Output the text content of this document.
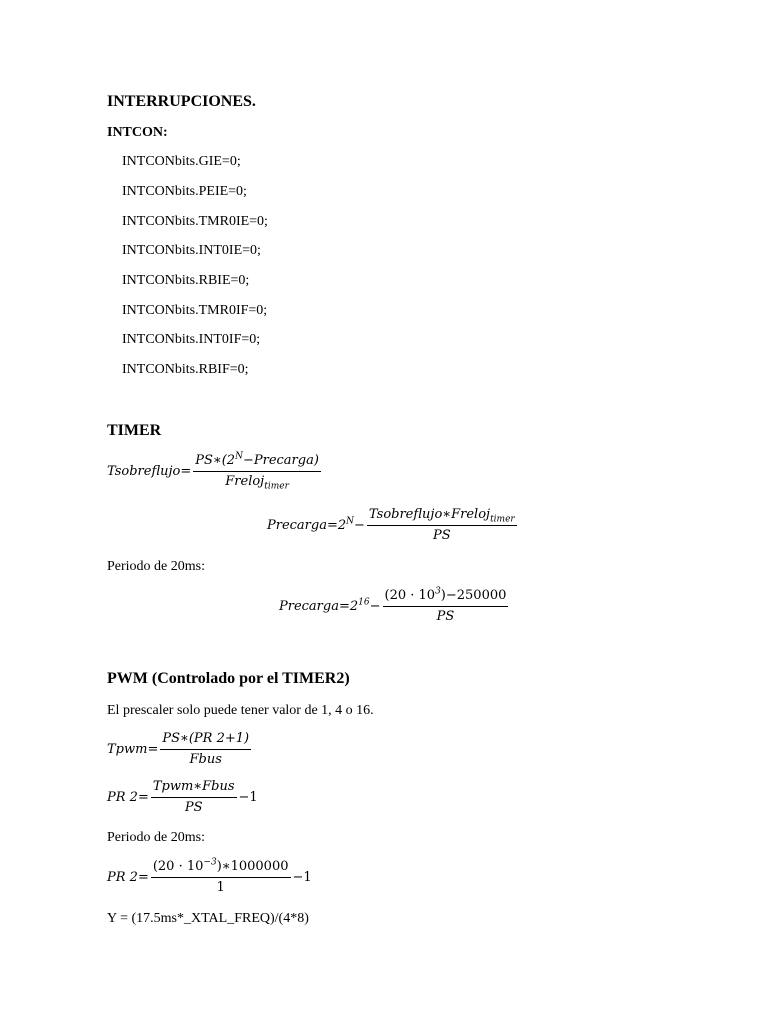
INTERRUPCIONES.
INTCON:
INTCONbits.GIE=0;
INTCONbits.PEIE=0;
INTCONbits.TMR0IE=0;
INTCONbits.INT0IE=0;
INTCONbits.RBIE=0;
INTCONbits.TMR0IF=0;
INTCONbits.INT0IF=0;
INTCONbits.RBIF=0;
TIMER
Tsobreflujo= $\frac{PS∗(2^N-Precarga)}{Freloj_{timer}}$
$Precarga=2^N- \frac{Tsobreflujo∗Freloj_{timer}}{PS}$
Periodo de 20ms:
$Precarga=2^{16}- \frac{(20 \cdot 10^3)-250000}{PS}$
PWM (Controlado por el TIMER2)
El prescaler solo puede tener valor de 1, 4 o 16.
Tpwm= $\frac{PS∗(PR 2+1)}{\text{Fbus}}$
PR $2= \frac{\text{Tpwm∗Fbus}}{PS} -1$
Periodo de 20ms:
PR $2= \frac{(20 \cdot 10^{-3})∗1000000}{1} -1$
Y = (17.5ms*_XTAL_FREQ)/(4*8)
